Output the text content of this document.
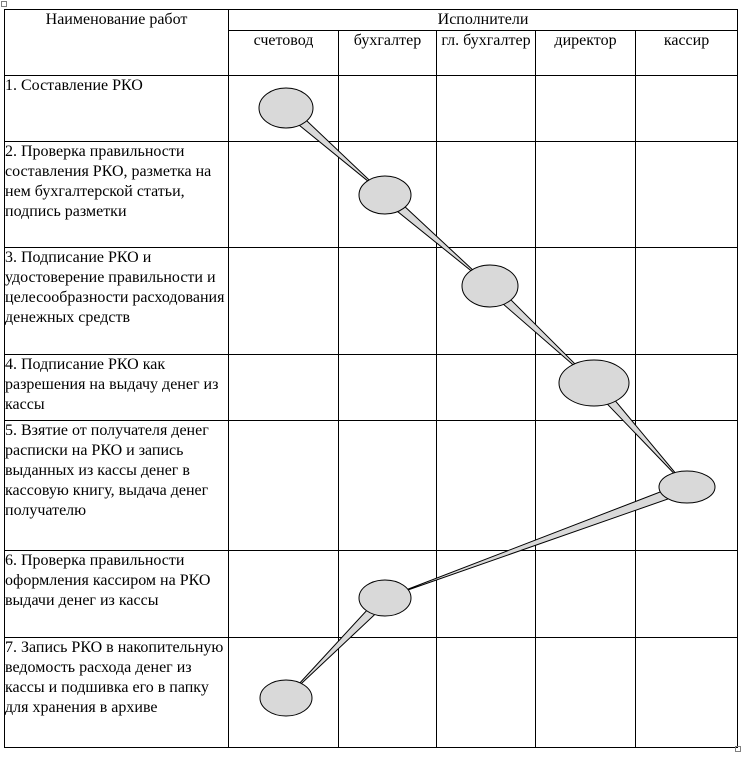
Наименование работ	Исполнители				
	счетовод	бухгалтер	гл. бухгалтер	директор	кассир
1. Составление РКО					
2. Проверка правильности составления РКО, разметка на нем бухгалтерской статьи, подпись разметки					
3. Подписание РКО и удостоверение правильности и целесообразности расходования денежных средств					
4. Подписание РКО как разрешения на выдачу денег из кассы					
5. Взятие от получателя денег расписки на РКО и запись выданных из кассы денег в кассовую книгу, выдача денег получателю					
6. Проверка правильности оформления кассиром на РКО выдачи денег из кассы					
7. Запись РКО в накопительную ведомость расхода денег из кассы и подшивка его в папку для хранения в архиве					
